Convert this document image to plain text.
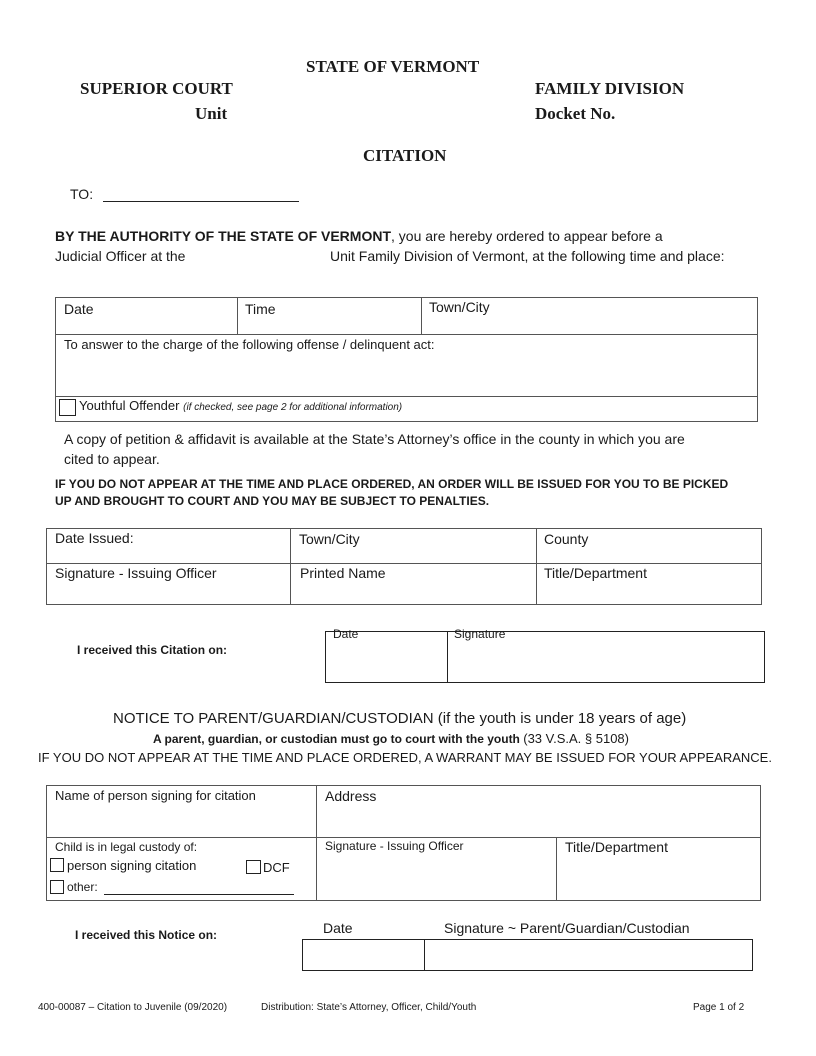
STATE OF VERMONT
SUPERIOR COURT
Unit
FAMILY DIVISION
Docket No.
CITATION
TO:
BY THE AUTHORITY OF THE STATE OF VERMONT, you are hereby ordered to appear before a
Judicial Officer at the	Unit Family Division of Vermont, at the following time and place:
Date	Time	Town/City
To answer to the charge of the following offense / delinquent act:
Youthful Offender (if checked, see page 2 for additional information)
A copy of petition & affidavit is available at the State’s Attorney’s office in the county in which you are
cited to appear.
IF YOU DO NOT APPEAR AT THE TIME AND PLACE ORDERED, AN ORDER WILL BE ISSUED FOR YOU TO BE PICKED
UP AND BROUGHT TO COURT AND YOU MAY BE SUBJECT TO PENALTIES.
Date Issued:	Town/City	County
Signature - Issuing Officer	Printed Name	Title/Department
I received this Citation on:
Date	Signature
NOTICE TO PARENT/GUARDIAN/CUSTODIAN (if the youth is under 18 years of age)
A parent, guardian, or custodian must go to court with the youth (33 V.S.A. § 5108)
IF YOU DO NOT APPEAR AT THE TIME AND PLACE ORDERED, A WARRANT MAY BE ISSUED FOR YOUR APPEARANCE.
Name of person signing for citation	Address
Child is in legal custody of:
person signing citation	DCF
other:
Signature - Issuing Officer	Title/Department
I received this Notice on:	Date	Signature ~ Parent/Guardian/Custodian
400-00087 – Citation to Juvenile (09/2020)	Distribution: State’s Attorney, Officer, Child/Youth	Page 1 of 2
